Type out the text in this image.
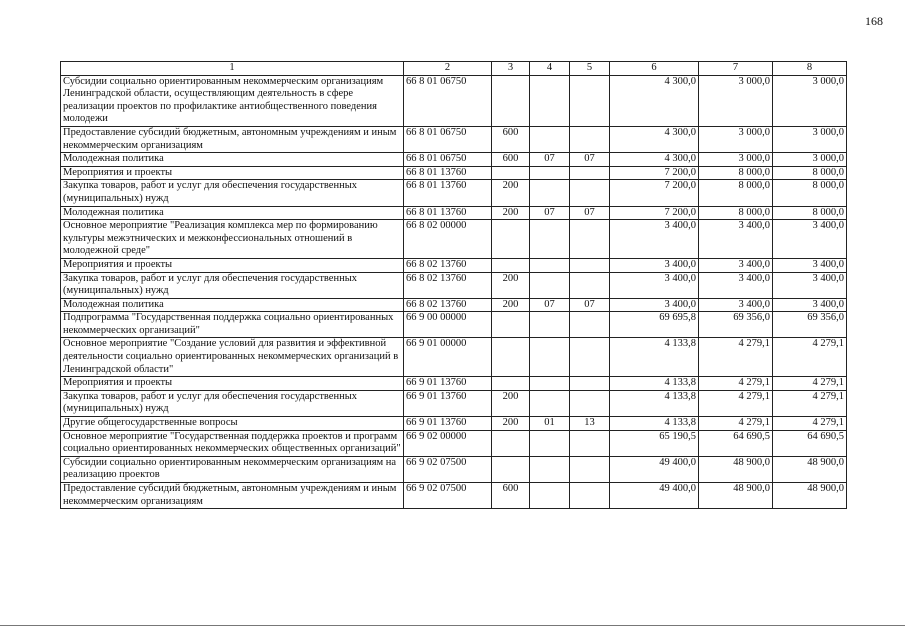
168
1	2	3	4	5	6	7	8
Субсидии социально ориентированным некоммерческим организациям Ленинградской области, осуществляющим деятельность в сфере реализации проектов по профилактике антиобщественного поведения молодежи	66 8 01 06750				4 300,0	3 000,0	3 000,0
Предоставление субсидий бюджетным, автономным учреждениям и иным некоммерческим организациям	66 8 01 06750	600			4 300,0	3 000,0	3 000,0
Молодежная политика	66 8 01 06750	600	07	07	4 300,0	3 000,0	3 000,0
Мероприятия и проекты	66 8 01 13760				7 200,0	8 000,0	8 000,0
Закупка товаров, работ и услуг для обеспечения государственных (муниципальных) нужд	66 8 01 13760	200			7 200,0	8 000,0	8 000,0
Молодежная политика	66 8 01 13760	200	07	07	7 200,0	8 000,0	8 000,0
Основное мероприятие "Реализация комплекса мер по формированию культуры межэтнических и межконфессиональных отношений в молодежной среде"	66 8 02 00000				3 400,0	3 400,0	3 400,0
Мероприятия и проекты	66 8 02 13760				3 400,0	3 400,0	3 400,0
Закупка товаров, работ и услуг для обеспечения государственных (муниципальных) нужд	66 8 02 13760	200			3 400,0	3 400,0	3 400,0
Молодежная политика	66 8 02 13760	200	07	07	3 400,0	3 400,0	3 400,0
Подпрограмма "Государственная поддержка социально ориентированных некоммерческих организаций"	66 9 00 00000				69 695,8	69 356,0	69 356,0
Основное мероприятие "Создание условий для развития и эффективной деятельности социально ориентированных некоммерческих организаций в Ленинградской области"	66 9 01 00000				4 133,8	4 279,1	4 279,1
Мероприятия и проекты	66 9 01 13760				4 133,8	4 279,1	4 279,1
Закупка товаров, работ и услуг для обеспечения государственных (муниципальных) нужд	66 9 01 13760	200			4 133,8	4 279,1	4 279,1
Другие общегосударственные вопросы	66 9 01 13760	200	01	13	4 133,8	4 279,1	4 279,1
Основное мероприятие "Государственная поддержка проектов и программ социально ориентированных некоммерческих общественных организаций"	66 9 02 00000				65 190,5	64 690,5	64 690,5
Субсидии социально ориентированным некоммерческим организациям на реализацию проектов	66 9 02 07500				49 400,0	48 900,0	48 900,0
Предоставление субсидий бюджетным, автономным учреждениям и иным некоммерческим организациям	66 9 02 07500	600			49 400,0	48 900,0	48 900,0
